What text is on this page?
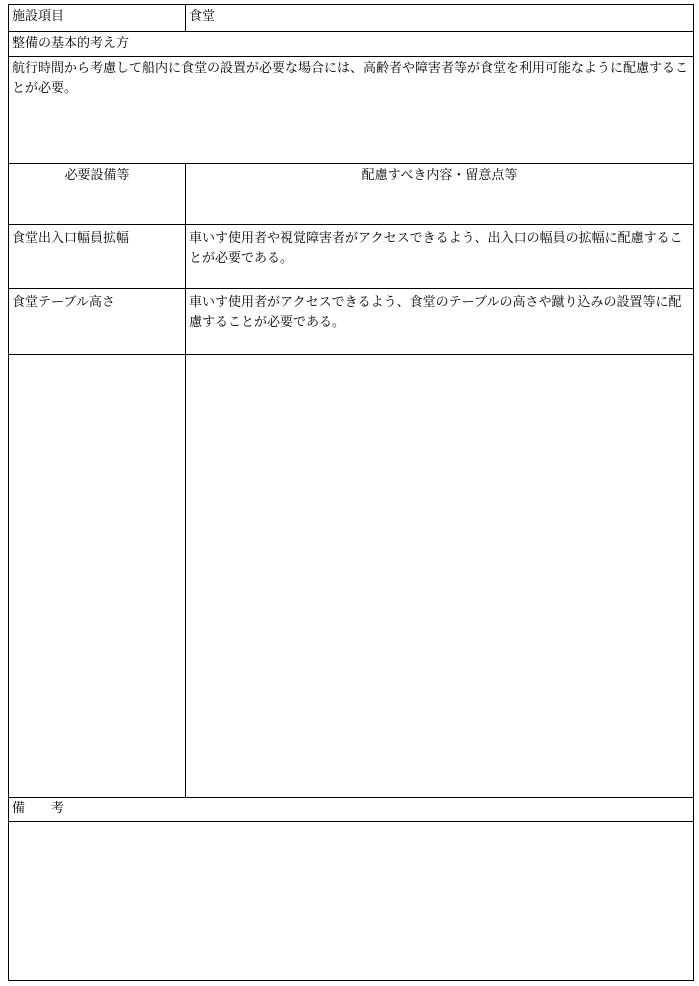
施設項目	食堂
整備の基本的考え方
航行時間から考慮して船内に食堂の設置が必要な場合には、高齢者や障害者等が食堂を利用可能なように配慮することが必要。
必要設備等	配慮すべき内容・留意点等
食堂出入口幅員拡幅	車いす使用者や視覚障害者がアクセスできるよう、出入口の幅員の拡幅に配慮することが必要である。
食堂テーブル高さ	車いす使用者がアクセスできるよう、食堂のテーブルの高さや蹴り込みの設置等に配慮することが必要である。
備　　考
